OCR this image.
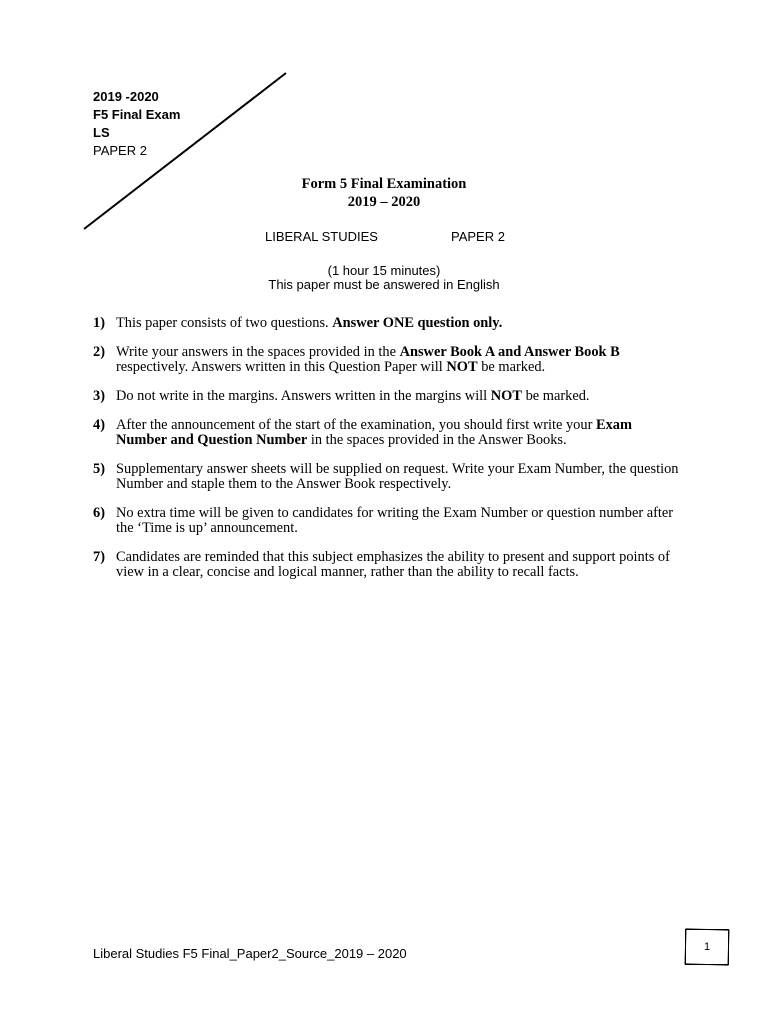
2019 -2020
F5 Final Exam
LS
PAPER 2
Form 5 Final Examination
2019 – 2020
LIBERAL STUDIES	PAPER 2
(1 hour 15 minutes)
This paper must be answered in English
1) This paper consists of two questions. Answer ONE question only.
2) Write your answers in the spaces provided in the Answer Book A and Answer Book B respectively. Answers written in this Question Paper will NOT be marked.
3) Do not write in the margins. Answers written in the margins will NOT be marked.
4) After the announcement of the start of the examination, you should first write your Exam Number and Question Number in the spaces provided in the Answer Books.
5) Supplementary answer sheets will be supplied on request. Write your Exam Number, the question Number and staple them to the Answer Book respectively.
6) No extra time will be given to candidates for writing the Exam Number or question number after the ‘Time is up’ announcement.
7) Candidates are reminded that this subject emphasizes the ability to present and support points of view in a clear, concise and logical manner, rather than the ability to recall facts.
Liberal Studies F5 Final_Paper2_Source_2019 – 2020	1
